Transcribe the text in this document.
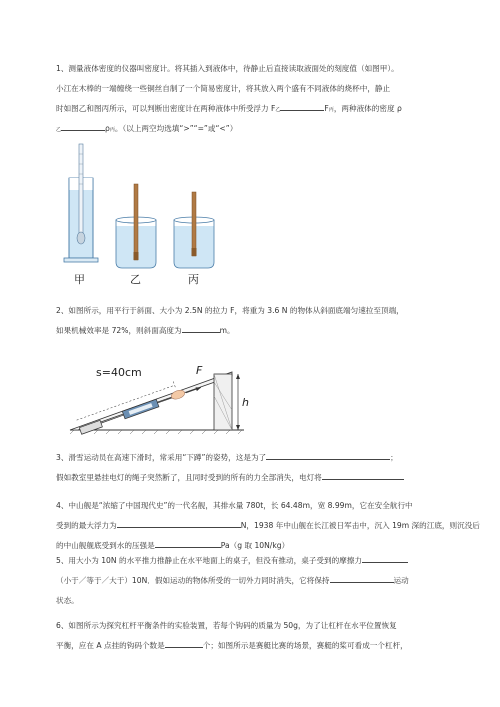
1、测量液体密度的仪器叫密度计。将其插入到液体中，待静止后直接读取液面处的刻度值（如图甲）。
小江在木棒的一端缠绕一些铜丝自制了一个简易密度计，将其放入两个盛有不同液体的烧杯中，静止
时如图乙和图丙所示，可以判断出密度计在两种液体中所受浮力 F乙	F丙，两种液体的密度 ρ
乙	ρ丙。（以上两空均选填“>”“=”或“<”）
甲	乙	丙
2、如图所示，用平行于斜面、大小为 2.5N 的拉力 F，将重为 3.6 N 的物体从斜面底端匀速拉至顶端，
如果机械效率是 72%，则斜面高度为	m。
h
s=40cm	F
3、滑雪运动员在高速下滑时，常采用“下蹲”的姿势，这是为了	；
假如教室里悬挂电灯的绳子突然断了，且同时受到的所有的力全部消失，电灯将
4、中山舰是“浓缩了中国现代史”的一代名舰，其排水量 780t，长 64.48m，宽 8.99m，它在安全航行中
受到的最大浮力为	N，1938 年中山舰在长江被日军击中，沉入 19m 深的江底，则沉没后
的中山舰舰底受到水的压强是	Pa（g 取 10N/kg）
5、用大小为 10N 的水平推力推静止在水平地面上的桌子，但没有推动，桌子受到的摩擦力
（小于／等于／大于）10N．假如运动的物体所受的一切外力同时消失，它将保持	运动
状态。
6、如图所示为探究杠杆平衡条件的实验装置，若每个钩码的质量为 50g，为了让杠杆在水平位置恢复
平衡，应在 A 点挂的钩码个数是	个；如图所示是赛艇比赛的场景，赛艇的桨可看成一个杠杆，
